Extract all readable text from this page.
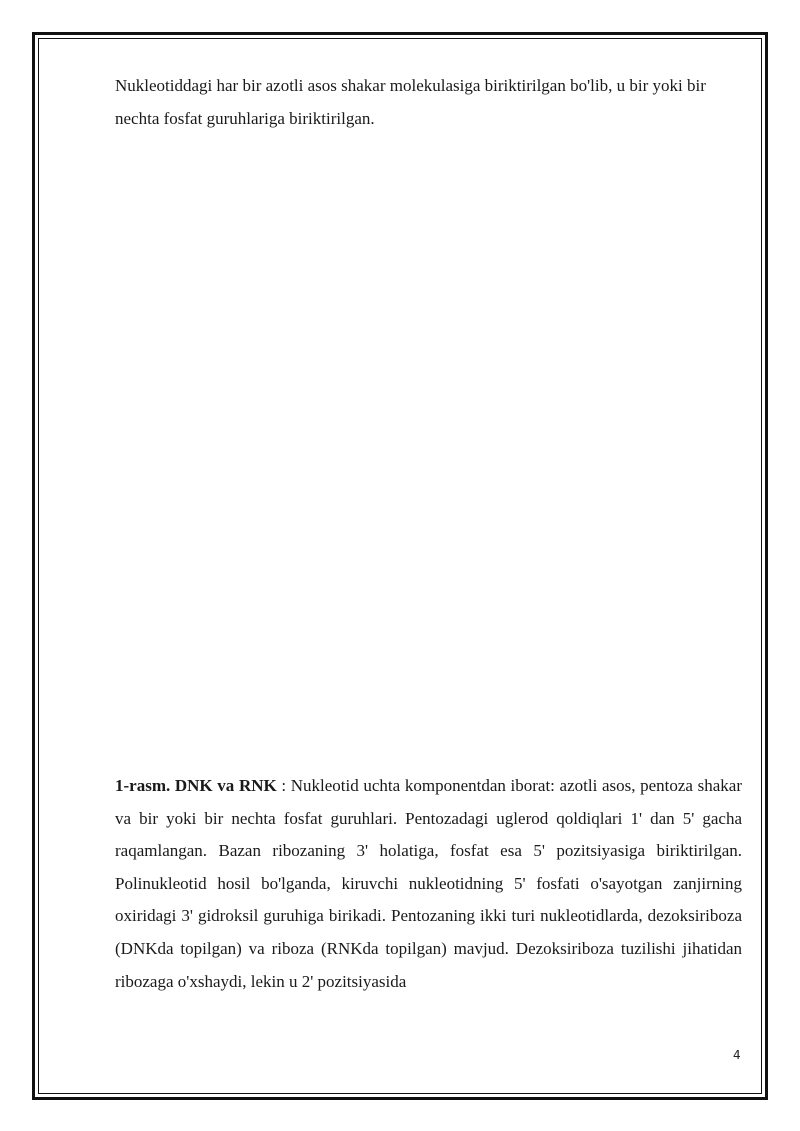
Nukleotiddagi har bir azotli asos shakar molekulasiga biriktirilgan bo'lib, u bir yoki bir nechta fosfat guruhlariga biriktirilgan.

1-rasm. DNK va RNK : Nukleotid uchta komponentdan iborat: azotli asos, pentoza shakar va bir yoki bir nechta fosfat guruhlari. Pentozadagi uglerod qoldiqlari 1' dan 5' gacha raqamlangan. Bazan ribozaning 3' holatiga, fosfat esa 5' pozitsiyasiga biriktirilgan. Polinukleotid hosil bo'lganda, kiruvchi nukleotidning 5' fosfati o'sayotgan zanjirning oxiridagi 3' gidroksil guruhiga birikadi. Pentozaning ikki turi nukleotidlarda, dezoksiriboza (DNKda topilgan) va riboza (RNKda topilgan) mavjud. Dezoksiriboza tuzilishi jihatidan ribozaga o'xshaydi, lekin u 2' pozitsiyasida

4
